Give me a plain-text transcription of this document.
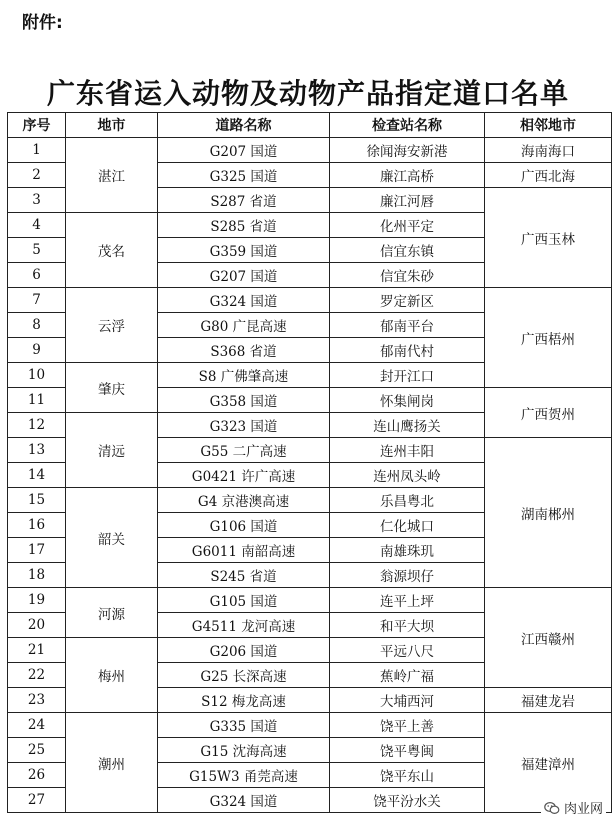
附件:
广东省运入动物及动物产品指定道口名单
序号	地市	道路名称	检查站名称	相邻地市
1	湛江	G207 国道	徐闻海安新港	海南海口
2		G325 国道	廉江高桥	广西北海
3		S287 省道	廉江河唇	广西玉林
4	茂名	S285 省道	化州平定	
5		G359 国道	信宜东镇	
6		G207 国道	信宜朱砂	
7	云浮	G324 国道	罗定新区	广西梧州
8		G80 广昆高速	郁南平台	
9		S368 省道	郁南代村	
10	肇庆	S8 广佛肇高速	封开江口	
11		G358 国道	怀集闸岗	广西贺州
12	清远	G323 国道	连山鹰扬关	
13		G55 二广高速	连州丰阳	湖南郴州
14		G0421 许广高速	连州凤头岭	
15	韶关	G4 京港澳高速	乐昌粤北	
16		G106 国道	仁化城口	
17		G6011 南韶高速	南雄珠玑	
18		S245 省道	翁源坝仔	
19	河源	G105 国道	连平上坪	江西赣州
20		G4511 龙河高速	和平大坝	
21	梅州	G206 国道	平远八尺	
22		G25 长深高速	蕉岭广福	
23		S12 梅龙高速	大埔西河	福建龙岩
24	潮州	G335 国道	饶平上善	福建漳州
25		G15 沈海高速	饶平粤闽	
26		G15W3 甬莞高速	饶平东山	
27		G324 国道	饶平汾水关		肉业网
